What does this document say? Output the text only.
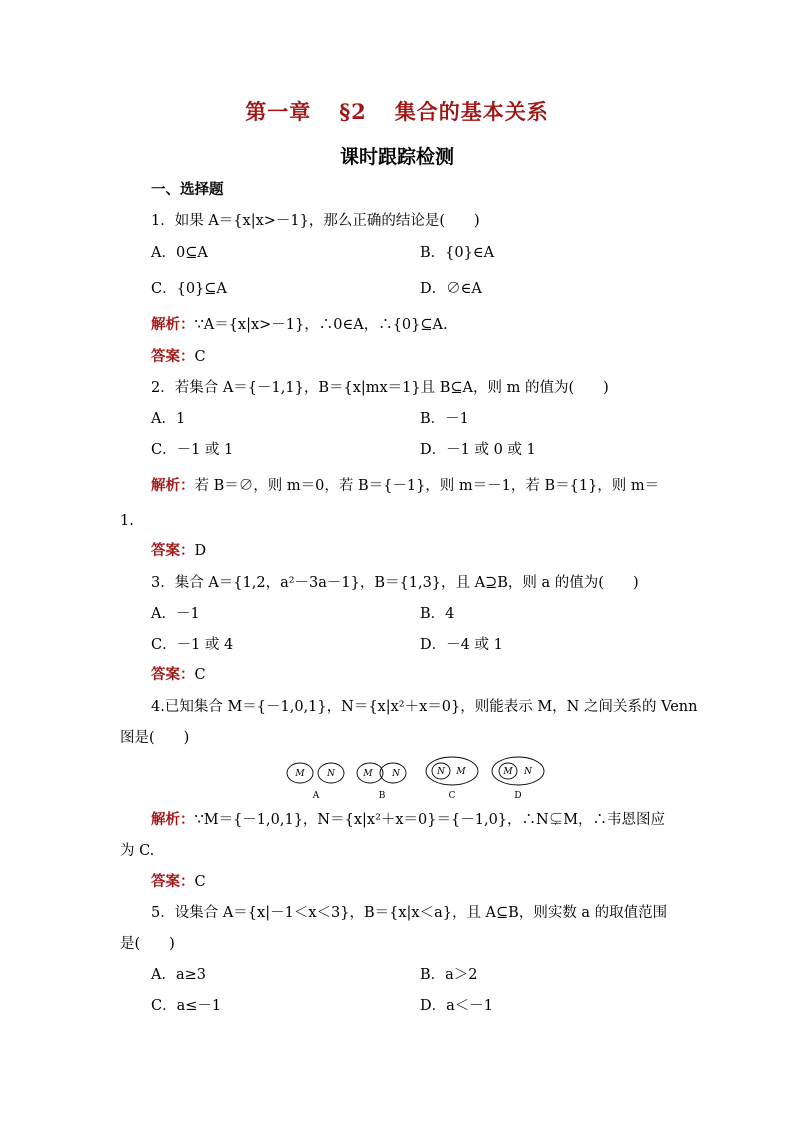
第一章 §2 集合的基本关系
课时跟踪检测
一、选择题
1．如果 A＝{x|x>－1}，那么正确的结论是(　　)
A．0⊆A	B．{0}∈A
C．{0}⊆A	D．∅∈A
解析：∵A＝{x|x>－1}，∴0∈A，∴{0}⊆A.
答案：C
2．若集合 A＝{－1,1}，B＝{x|mx＝1}且 B⊆A，则 m 的值为(　　)
A．1	B．－1
C．－1 或 1	D．－1 或 0 或 1
解析：若 B＝∅，则 m＝0，若 B＝{－1}，则 m＝－1，若 B＝{1}，则 m＝
1.
答案：D
3．集合 A＝{1,2，a²－3a－1}，B＝{1,3}，且 A⊇B，则 a 的值为(　　)
A．－1	B．4
C．－1 或 4	D．－4 或 1
答案：C
4.已知集合 M＝{－1,0,1}，N＝{x|x²＋x＝0}，则能表示 M，N 之间关系的 Venn
图是(　　)
M N
A
M N
B
N M
C
M N
D
解析：∵M＝{－1,0,1}，N＝{x|x²＋x＝0}＝{－1,0}，∴N⊊M，∴韦恩图应
为 C.
答案：C
5．设集合 A＝{x|－1＜x＜3}，B＝{x|x＜a}，且 A⊆B，则实数 a 的取值范围
是(　　)
A．a≥3	B．a＞2
C．a≤－1	D．a＜－1
